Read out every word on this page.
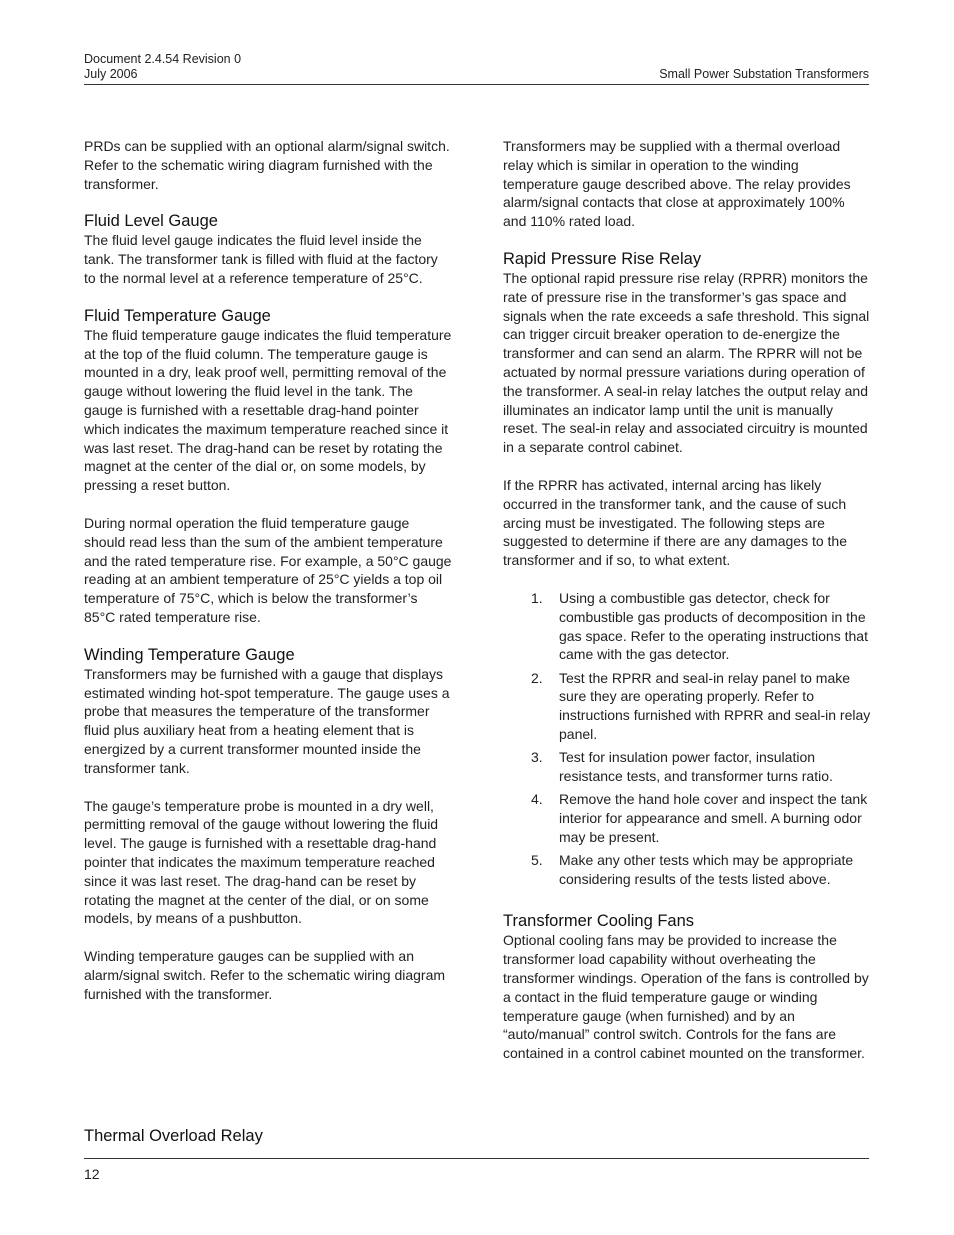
Document 2.4.54 Revision 0
July 2006	Small Power Substation Transformers

PRDs can be supplied with an optional alarm/signal switch. Refer to the schematic wiring diagram furnished with the transformer.

Fluid Level Gauge

The fluid level gauge indicates the fluid level inside the tank. The transformer tank is filled with fluid at the factory to the normal level at a reference temperature of 25°C.

Fluid Temperature Gauge

The fluid temperature gauge indicates the fluid temperature at the top of the fluid column. The temperature gauge is mounted in a dry, leak proof well, permitting removal of the gauge without lowering the fluid level in the tank. The gauge is furnished with a resettable drag-hand pointer which indicates the maximum temperature reached since it was last reset. The drag-hand can be reset by rotating the magnet at the center of the dial or, on some models, by pressing a reset button.

During normal operation the fluid temperature gauge should read less than the sum of the ambient temperature and the rated temperature rise. For example, a 50°C gauge reading at an ambient temperature of 25°C yields a top oil temperature of 75°C, which is below the transformer’s 85°C rated temperature rise.

Winding Temperature Gauge

Transformers may be furnished with a gauge that displays estimated winding hot-spot temperature. The gauge uses a probe that measures the temperature of the transformer fluid plus auxiliary heat from a heating element that is energized by a current transformer mounted inside the transformer tank.

The gauge’s temperature probe is mounted in a dry well, permitting removal of the gauge without lowering the fluid level. The gauge is furnished with a resettable drag-hand pointer that indicates the maximum temperature reached since it was last reset. The drag-hand can be reset by rotating the magnet at the center of the dial, or on some models, by means of a pushbutton.

Winding temperature gauges can be supplied with an alarm/signal switch. Refer to the schematic wiring diagram furnished with the transformer.

Thermal Overload Relay

Transformers may be supplied with a thermal overload relay which is similar in operation to the winding temperature gauge described above. The relay provides alarm/signal contacts that close at approximately 100% and 110% rated load.

Rapid Pressure Rise Relay

The optional rapid pressure rise relay (RPRR) monitors the rate of pressure rise in the transformer’s gas space and signals when the rate exceeds a safe threshold. This signal can trigger circuit breaker operation to de-energize the transformer and can send an alarm. The RPRR will not be actuated by normal pressure variations during operation of the transformer. A seal-in relay latches the output relay and illuminates an indicator lamp until the unit is manually reset. The seal-in relay and associated circuitry is mounted in a separate control cabinet.

If the RPRR has activated, internal arcing has likely occurred in the transformer tank, and the cause of such arcing must be investigated. The following steps are suggested to determine if there are any damages to the transformer and if so, to what extent.

1. Using a combustible gas detector, check for combustible gas products of decomposition in the gas space. Refer to the operating instructions that came with the gas detector.
2. Test the RPRR and seal-in relay panel to make sure they are operating properly. Refer to instructions furnished with RPRR and seal-in relay panel.
3. Test for insulation power factor, insulation resistance tests, and transformer turns ratio.
4. Remove the hand hole cover and inspect the tank interior for appearance and smell. A burning odor may be present.
5. Make any other tests which may be appropriate considering results of the tests listed above.
Transformer Cooling Fans

Optional cooling fans may be provided to increase the transformer load capability without overheating the transformer windings. Operation of the fans is controlled by a contact in the fluid temperature gauge or winding temperature gauge (when furnished) and by an “auto/manual” control switch. Controls for the fans are contained in a control cabinet mounted on the transformer.

12
